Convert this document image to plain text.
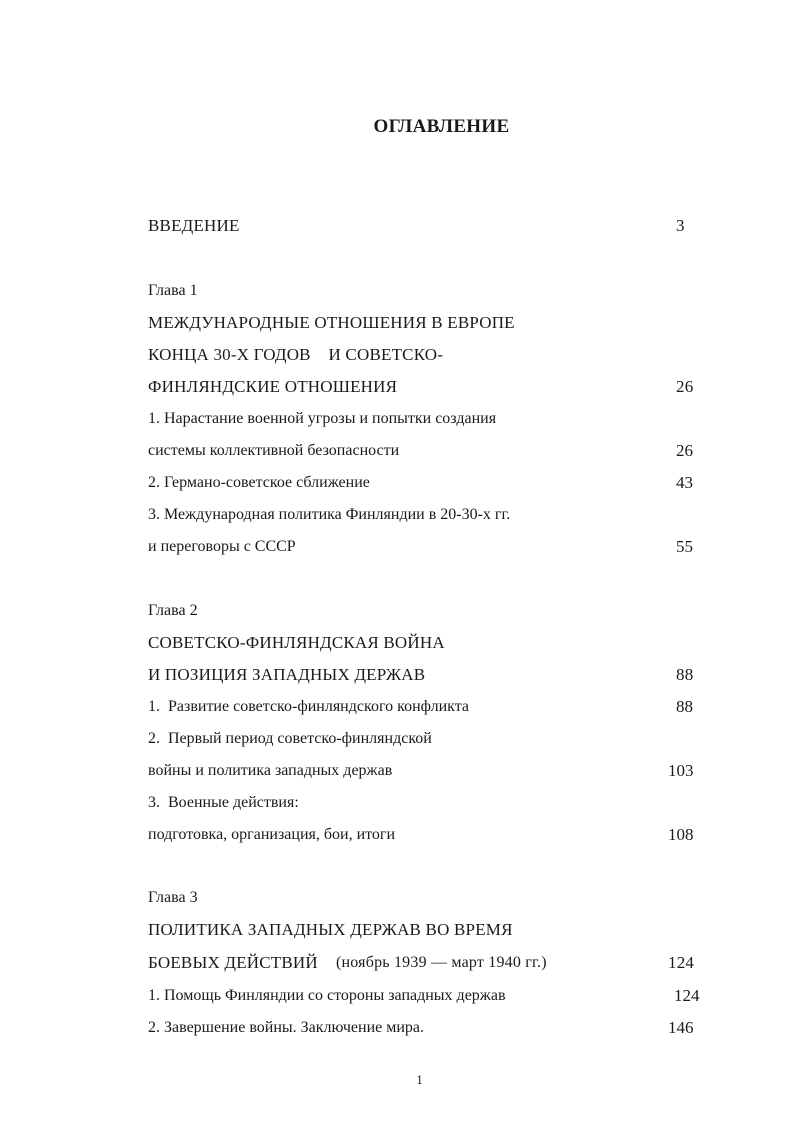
ОГЛАВЛЕНИЕ
ВВЕДЕНИЕ	3
Глава 1
МЕЖДУНАРОДНЫЕ ОТНОШЕНИЯ В ЕВРОПЕ
КОНЦА 30-Х ГОДОВ    И СОВЕТСКО-
ФИНЛЯНДСКИЕ ОТНОШЕНИЯ	26
1. Нарастание военной угрозы и попытки создания
системы коллективной безопасности	26
2. Германо-советское сближение	43
3. Международная политика Финляндии в 20-30-х гг.
и переговоры с СССР	55
Глава 2
СОВЕТСКО-ФИНЛЯНДСКАЯ ВОЙНА
И ПОЗИЦИЯ ЗАПАДНЫХ ДЕРЖАВ	88
1.  Развитие советско-финляндского конфликта	88
2.  Первый период советско-финляндской
войны и политика западных держав	103
3.  Военные действия:
подготовка, организация, бои, итоги	108
Глава 3
ПОЛИТИКА ЗАПАДНЫХ ДЕРЖАВ ВО ВРЕМЯ
БОЕВЫХ ДЕЙСТВИЙ (ноябрь 1939 — март 1940 гг.)	124
1. Помощь Финляндии со стороны западных держав	124
2. Завершение войны. Заключение мира.	146
1
